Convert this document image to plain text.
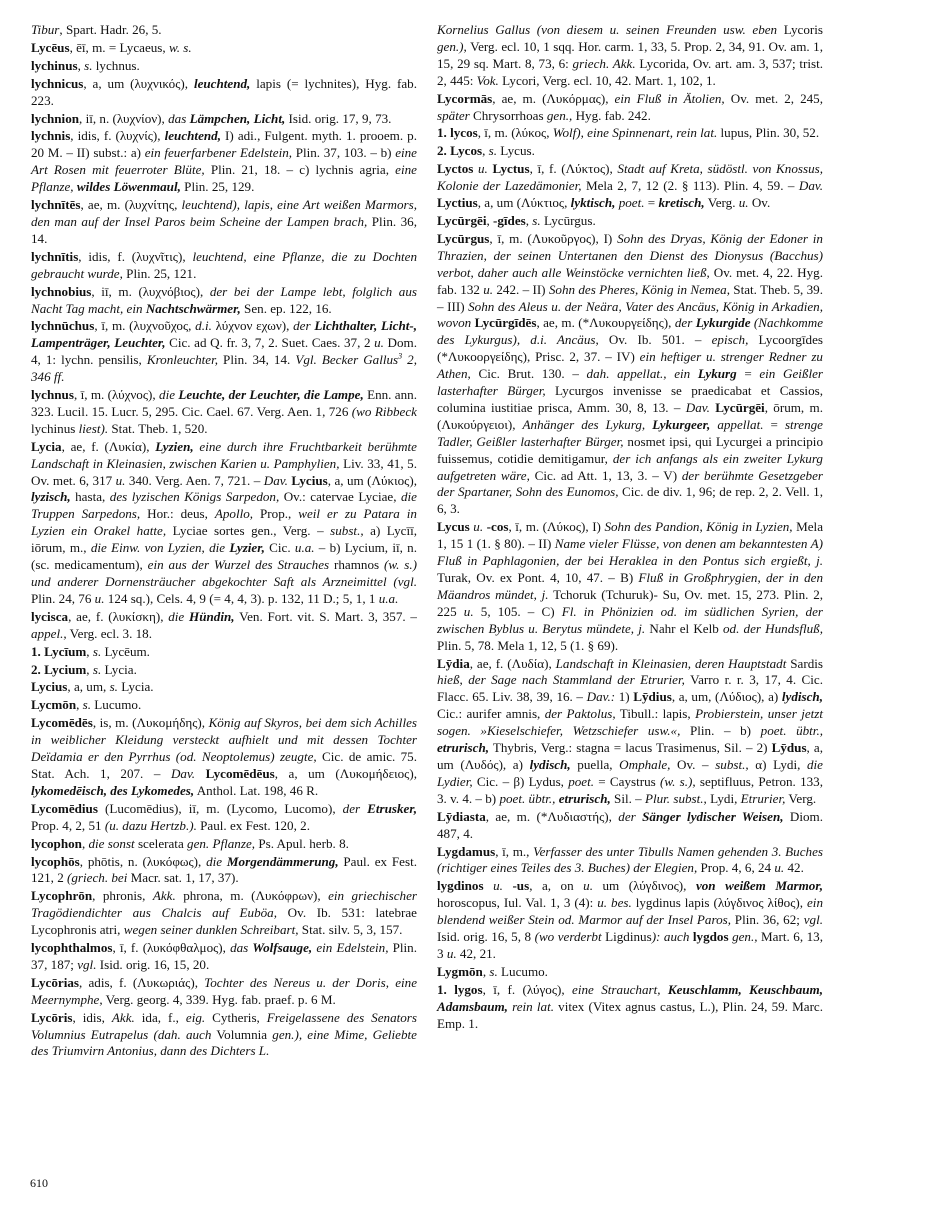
Tibur, Spart. Hadr. 26, 5.

Lycēus, ēī, m. = Lycaeus, w. s.

lychinus, s. lychnus.

lychnicus, a, um (λυχνικός), leuchtend, lapis (= lychnites), Hyg. fab. 223.

lychnion, iī, n. (λυχνίον), das Lämpchen, Licht, Isid. orig. 17, 9, 73.

lychnis, idis, f. (λυχνίς), leuchtend, I) adi., Fulgent. myth. 1. prooem. p. 20 M. – II) subst.: a) ein feuerfarbener Edelstein, Plin. 37, 103. – b) eine Art Rosen mit feuerroter Blüte, Plin. 21, 18. – c) lychnis agria, eine Pflanze, wildes Löwenmaul, Plin. 25, 129.

lychnītēs, ae, m. (λυχνίτης, leuchtend), lapis, eine Art weißen Marmors, den man auf der Insel Paros beim Scheine der Lampen brach, Plin. 36, 14.

lychnītis, idis, f. (λυχνῖτις), leuchtend, eine Pflanze, die zu Dochten gebraucht wurde, Plin. 25, 121.

lychnobius, iī, m. (λυχνόβιος), der bei der Lampe lebt, folglich aus Nacht Tag macht, ein Nachtschwärmer, Sen. ep. 122, 16.

lychnūchus, ī, m. (λυχνοῦχος, d.i. λύχνον εχων), der Lichthalter, Licht-, Lampenträger, Leuchter, Cic. ad Q. fr. 3, 7, 2. Suet. Caes. 37, 2 u. Dom. 4, 1: lychn. pensilis, Kronleuchter, Plin. 34, 14. Vgl. Becker Gallus$^3$ 2, 346 ff.

lychnus, ī, m. (λύχνος), die Leuchte, der Leuchter, die Lampe, Enn. ann. 323. Lucil. 15. Lucr. 5, 295. Cic. Cael. 67. Verg. Aen. 1, 726 (wo Ribbeck lychinus liest). Stat. Theb. 1, 520.

Lycia, ae, f. (Λυκία), Lyzien, eine durch ihre Fruchtbarkeit berühmte Landschaft in Kleinasien, zwischen Karien u. Pamphylien, Liv. 33, 41, 5. Ov. met. 6, 317 u. 340. Verg. Aen. 7, 721. – Dav. Lycius, a, um (Λύκιος), lyzisch, hasta, des lyzischen Königs Sarpedon, Ov.: catervae Lyciae, die Truppen Sarpedons, Hor.: deus, Apollo, Prop., weil er zu Patara in Lyzien ein Orakel hatte, Lyciae sortes gen., Verg. – subst., a) Lycīī, iōrum, m., die Einw. von Lyzien, die Lyzier, Cic. u.a. – b) Lycium, iī, n. (sc. medicamentum), ein aus der Wurzel des Strauches rhamnos (w. s.) und anderer Dornensträucher abgekochter Saft als Arzneimittel (vgl. Plin. 24, 76 u. 124 sq.), Cels. 4, 9 (= 4, 4, 3). p. 132, 11 D.; 5, 1, 1 u.a.

lycisca, ae, f. (λυκίσκη), die Hündin, Ven. Fort. vit. S. Mart. 3, 357. – appel., Verg. ecl. 3. 18.

1. Lycīum, s. Lycēum.

2. Lycium, s. Lycia.

Lycius, a, um, s. Lycia.

Lycmōn, s. Lucumo.

Lycomēdēs, is, m. (Λυκομήδης), König auf Skyros, bei dem sich Achilles in weiblicher Kleidung versteckt aufhielt und mit dessen Tochter Deïdamia er den Pyrrhus (od. Neoptolemus) zeugte, Cic. de amic. 75. Stat. Ach. 1, 207. – Dav. Lycomēdēus, a, um (Λυκομήδειος), lykomedēisch, des Lykomedes, Anthol. Lat. 198, 46 R.

Lycomēdius (Lucomēdius), iī, m. (Lycomo, Lucomo), der Etrusker, Prop. 4, 2, 51 (u. dazu Hertzb.). Paul. ex Fest. 120, 2.

lycophon, die sonst scelerata gen. Pflanze, Ps. Apul. herb. 8.

lycophōs, phōtis, n. (λυκόφως), die Morgendämmerung, Paul. ex Fest. 121, 2 (griech. bei Macr. sat. 1, 17, 37).

Lycophrōn, phronis, Akk. phrona, m. (Λυκόφρων), ein griechischer Tragödiendichter aus Chalcis auf Euböa, Ov. Ib. 531: latebrae Lycophronis atri, wegen seiner dunklen Schreibart, Stat. silv. 5, 3, 157.

lycophthalmos, ī, f. (λυκόφθαλμος), das Wolfsauge, ein Edelstein, Plin. 37, 187; vgl. Isid. orig. 16, 15, 20.

Lycōrias, adis, f. (Λυκωριάς), Tochter des Nereus u. der Doris, eine Meernymphe, Verg. georg. 4, 339. Hyg. fab. praef. p. 6 M.

Lycōris, idis, Akk. ida, f., eig. Cytheris, Freigelassene des Senators Volumnius Eutrapelus (dah. auch Volumnia gen.), eine Mime, Geliebte des Triumvirn Antonius, dann des Dichters L.

Kornelius Gallus (von diesem u. seinen Freunden usw. eben Lycoris gen.), Verg. ecl. 10, 1 sqq. Hor. carm. 1, 33, 5. Prop. 2, 34, 91. Ov. am. 1, 15, 29 sq. Mart. 8, 73, 6: griech. Akk. Lycorida, Ov. art. am. 3, 537; trist. 2, 445: Vok. Lycori, Verg. ecl. 10, 42. Mart. 1, 102, 1.

Lycormās, ae, m. (Λυκόρμας), ein Fluß in Ätolien, Ov. met. 2, 245, später Chrysorrhoas gen., Hyg. fab. 242.

1. lycos, ī, m. (λύκος, Wolf), eine Spinnenart, rein lat. lupus, Plin. 30, 52.

2. Lycos, s. Lycus.

Lyctos u. Lyctus, ī, f. (Λύκτος), Stadt auf Kreta, südöstl. von Knossus, Kolonie der Lazedämonier, Mela 2, 7, 12 (2. § 113). Plin. 4, 59. – Dav. Lyctius, a, um (Λύκτιος, lyktisch, poet. = kretisch, Verg. u. Ov.

Lycūrgēi, -gīdes, s. Lycūrgus.

Lycūrgus, ī, m. (Λυκοῦργος), I) Sohn des Dryas, König der Edoner in Thrazien, der seinen Untertanen den Dienst des Dionysus (Bacchus) verbot, daher auch alle Weinstöcke vernichten ließ, Ov. met. 4, 22. Hyg. fab. 132 u. 242. – II) Sohn des Pheres, König in Nemea, Stat. Theb. 5, 39. – III) Sohn des Aleus u. der Neära, Vater des Ancäus, König in Arkadien, wovon Lycūrgīdēs, ae, m. (*Λυκουργείδης), der Lykurgide (Nachkomme des Lykurgus), d.i. Ancäus, Ov. Ib. 501. – episch, Lycoorgīdes (*Λυκοοργείδης), Prisc. 2, 37. – IV) ein heftiger u. strenger Redner zu Athen, Cic. Brut. 130. – dah. appellat., ein Lykurg = ein Geißler lasterhafter Bürger, Lycurgos invenisse se praedicabat et Cassios, columina iustitiae prisca, Amm. 30, 8, 13. – Dav. Lycūrgēi, ōrum, m. (Λυκούργειοι), Anhänger des Lykurg, Lykurgeer, appellat. = strenge Tadler, Geißler lasterhafter Bürger, nosmet ipsi, qui Lycurgei a principio fuissemus, cotidie demitigamur, der ich anfangs als ein zweiter Lykurg aufgetreten wäre, Cic. ad Att. 1, 13, 3. – V) der berühmte Gesetzgeber der Spartaner, Sohn des Eunomos, Cic. de div. 1, 96; de rep. 2, 2. Vell. 1, 6, 3.

Lycus u. -cos, ī, m. (Λύκος), I) Sohn des Pandion, König in Lyzien, Mela 1, 15 1 (1. § 80). – II) Name vieler Flüsse, von denen am bekanntesten A) Fluß in Paphlagonien, der bei Heraklea in den Pontus sich ergießt, j. Turak, Ov. ex Pont. 4, 10, 47. – B) Fluß in Großphrygien, der in den Mäandros mündet, j. Tchoruk (Tchuruk)- Su, Ov. met. 15, 273. Plin. 2, 225 u. 5, 105. – C) Fl. in Phönizien od. im südlichen Syrien, der zwischen Byblus u. Berytus mündete, j. Nahr el Kelb od. der Hundsfluß, Plin. 5, 78. Mela 1, 12, 5 (1. § 69).

Lȳdia, ae, f. (Λυδία), Landschaft in Kleinasien, deren Hauptstadt Sardis hieß, der Sage nach Stammland der Etrurier, Varro r. r. 3, 17, 4. Cic. Flacc. 65. Liv. 38, 39, 16. – Dav.: 1) Lȳdius, a, um, (Λύδιος), a) lydisch, Cic.: aurifer amnis, der Paktolus, Tibull.: lapis, Probierstein, unser jetzt sogen. »Kieselschiefer, Wetzschiefer usw.«, Plin. – b) poet. übtr., etrurisch, Thybris, Verg.: stagna = lacus Trasimenus, Sil. – 2) Lȳdus, a, um (Λυδός), a) lydisch, puella, Omphale, Ov. – subst., α) Lydi, die Lydier, Cic. – β) Lydus, poet. = Caystrus (w. s.), septifluus, Petron. 133, 3. v. 4. – b) poet. übtr., etrurisch, Sil. – Plur. subst., Lydi, Etrurier, Verg.

Lȳdiasta, ae, m. (*Λυδιαστής), der Sänger lydischer Weisen, Diom. 487, 4.

Lygdamus, ī, m., Verfasser des unter Tibulls Namen gehenden 3. Buches (richtiger eines Teiles des 3. Buches) der Elegien, Prop. 4, 6, 24 u. 42.

lygdinos u. -us, a, on u. um (λύγδινος), von weißem Marmor, horoscopus, Iul. Val. 1, 3 (4): u. bes. lygdinus lapis (λύγδινος λίθος), ein blendend weißer Stein od. Marmor auf der Insel Paros, Plin. 36, 62; vgl. Isid. orig. 16, 5, 8 (wo verderbt Ligdinus): auch lygdos gen., Mart. 6, 13, 3 u. 42, 21.

Lygmōn, s. Lucumo.

1. lygos, ī, f. (λύγος), eine Strauchart, Keuschlamm, Keuschbaum, Adamsbaum, rein lat. vitex (Vitex agnus castus, L.), Plin. 24, 59. Marc. Emp. 1.

610
